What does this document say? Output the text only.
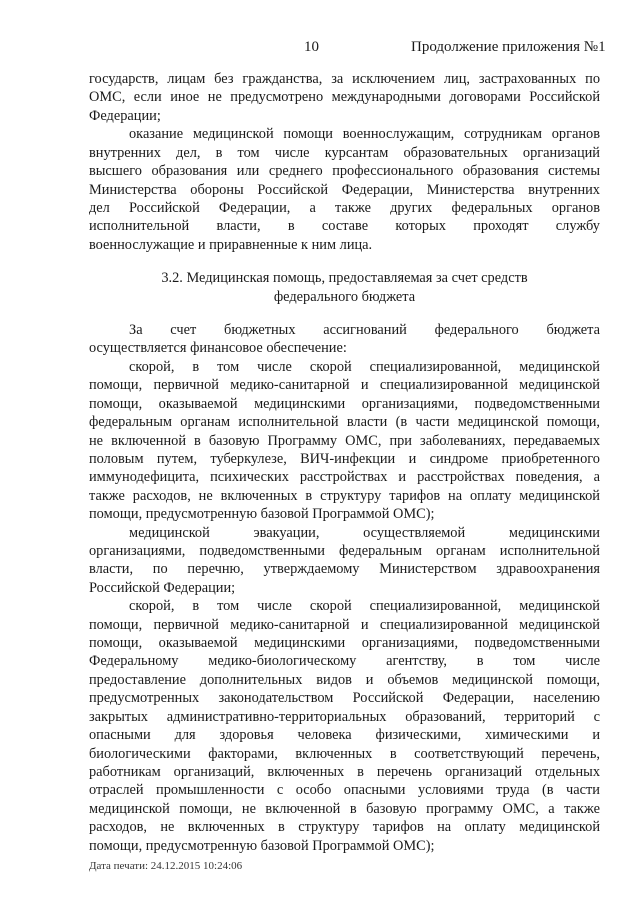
10	Продолжение приложения №1
государств, лицам без гражданства, за исключением лиц, застрахованных по
ОМС, если иное не предусмотрено международными договорами Российской
Федерации;
оказание медицинской помощи военнослужащим, сотрудникам органов
внутренних дел, в том числе курсантам образовательных организаций
высшего образования или среднего профессионального образования системы
Министерства обороны Российской Федерации, Министерства внутренних
дел Российской Федерации, а также других федеральных органов
исполнительной власти, в составе которых проходят службу
военнослужащие и приравненные к ним лица.
3.2. Медицинская помощь, предоставляемая за счет средств
федерального бюджета
За счет бюджетных ассигнований федерального бюджета
осуществляется финансовое обеспечение:
скорой, в том числе скорой специализированной, медицинской
помощи, первичной медико-санитарной и специализированной медицинской
помощи, оказываемой медицинскими организациями, подведомственными
федеральным органам исполнительной власти (в части медицинской помощи,
не включенной в базовую Программу ОМС, при заболеваниях, передаваемых
половым путем, туберкулезе, ВИЧ-инфекции и синдроме приобретенного
иммунодефицита, психических расстройствах и расстройствах поведения, а
также расходов, не включенных в структуру тарифов на оплату медицинской
помощи, предусмотренную базовой Программой ОМС);
медицинской эвакуации, осуществляемой медицинскими
организациями, подведомственными федеральным органам исполнительной
власти, по перечню, утверждаемому Министерством здравоохранения
Российской Федерации;
скорой, в том числе скорой специализированной, медицинской
помощи, первичной медико-санитарной и специализированной медицинской
помощи, оказываемой медицинскими организациями, подведомственными
Федеральному медико-биологическому агентству, в том числе
предоставление дополнительных видов и объемов медицинской помощи,
предусмотренных законодательством Российской Федерации, населению
закрытых административно-территориальных образований, территорий с
опасными для здоровья человека физическими, химическими и
биологическими факторами, включенных в соответствующий перечень,
работникам организаций, включенных в перечень организаций отдельных
отраслей промышленности с особо опасными условиями труда (в части
медицинской помощи, не включенной в базовую программу ОМС, а также
расходов, не включенных в структуру тарифов на оплату медицинской
помощи, предусмотренную базовой Программой ОМС);
Дата печати: 24.12.2015 10:24:06
